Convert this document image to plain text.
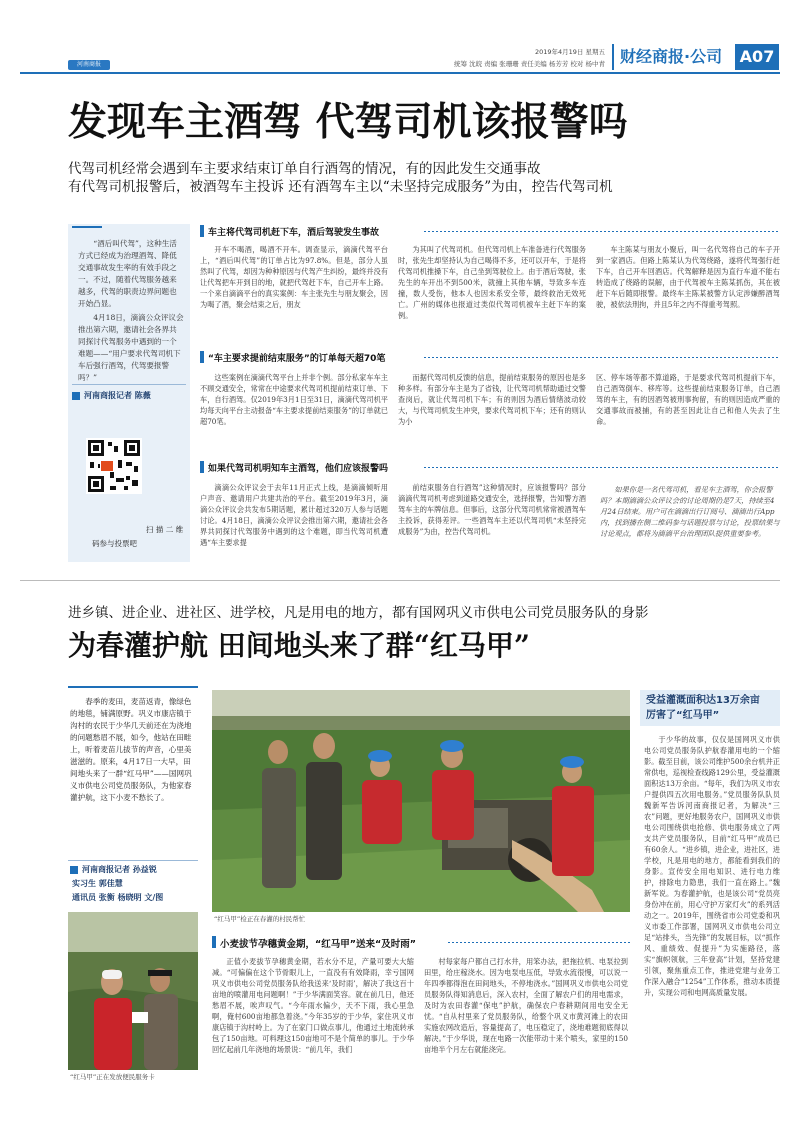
河南商报
2019年4月19日 星期五
统筹 沈皖 责编 张珊珊 责任美编 杨芳芳 校对 杨中青 财经商报·公司	A07
发现车主酒驾 代驾司机该报警吗
代驾司机经常会遇到车主要求结束订单自行酒驾的情况，有的因此发生交通事故
有代驾司机报警后，被酒驾车主投诉 还有酒驾车主以“未坚持完成服务”为由，控告代驾司机
“酒后叫代驾”，这种生活方式已经成为治理酒驾、降低交通事故发生率的有效手段之一。不过，随着代驾服务越来越多，代驾的职责边界问题也开始凸显。
4月18日，滴滴公众评议会推出第六期，邀请社会各界共同探讨代驾服务中遇到的一个难题——“用户要求代驾司机下车后强行酒驾，代驾要报警吗？”
河南商报记者 陈薇
扫 描 二 维
码参与投票吧
车主将代驾司机赶下车，酒后驾驶发生事故
开车不喝酒，喝酒不开车。调查显示，滴滴代驾平台上，“酒后叫代驾”的订单占比为97.8%。但是，部分人虽然叫了代驾，却因为种种原因与代驾产生纠纷，最终并没有让代驾把车开到目的地，就把代驾赶下车，自己开车上路。一个来自滴滴平台的真实案例：车主张先生与朋友聚会，因为喝了酒，聚会结束之后，朋友
为其叫了代驾司机。但代驾司机上车准备进行代驾服务时，张先生却坚持认为自己喝得不多，还可以开车，于是将代驾司机推搡下车，自己坐到驾驶位上。由于酒后驾驶，张先生的车开出不到500米，就撞上其他车辆，导致多车连撞，数人受伤，他本人也因未系安全带，最终救治无效死亡。广州的媒体也报道过类似代驾司机被车主赶下车的案例。
车主陈某与朋友小聚后，叫一名代驾将自己的车子开到一家酒店。但路上陈某认为代驾绕路，遂将代驾强行赶下车，自己开车回酒店。代驾解释是因为直行车道不能右转造成了绕路的误解，由于代驾被车主陈某抓伤，其在被赶下车后随即报警。最终车主陈某被警方认定涉嫌醉酒驾驶，被依法刑拘，并且5年之内不得重考驾照。
“车主要求提前结束服务”的订单每天超70笔
这些案例在滴滴代驾平台上并非个例。部分私家车车主不顾交通安全，常常在中途要求代驾司机提前结束订单、下车，自行酒驾。仅2019年3月1日至31日，滴滴代驾司机平均每天向平台主动报备“车主要求提前结束服务”的订单就已超70笔。
而据代驾司机反馈的信息，提前结束服务的原因也是多种多样。有部分车主是为了省钱，让代驾司机帮助通过交警查岗后，就让代驾司机下车；有的则因为酒后情绪波动较大，与代驾司机发生冲突，要求代驾司机下车；还有的则认为小
区、停车场等都不算道路，于是要求代驾司机提前下车，自己酒驾倒车、移库等。这些提前结束服务订单，自己酒驾的车主，有的因酒驾被刑事拘留，有的则因造成严重的交通事故而被捕，有的甚至因此让自己和他人失去了生命。
如果代驾司机明知车主酒驾，他们应该报警吗
滴滴公众评议会于去年11月正式上线，是滴滴倾听用户声音、邀请用户共建共治的平台。截至2019年3月，滴滴公众评议会共发布5期话题，累计超过320万人参与话题讨论。4月18日，滴滴公众评议会推出第六期，邀请社会各界共同探讨代驾服务中遇到的这个难题，即当代驾司机遭遇“车主要求提
前结束服务自行酒驾”这种情况时，应该报警吗？部分滴滴代驾司机考虑到道路交通安全，选择报警，告知警方酒驾车主的车牌信息。但事后，这部分代驾司机常常被酒驾车主投诉，获得差评。一些酒驾车主还以代驾司机“未坚持完成服务”为由，控告代驾司机。
如果你是一名代驾司机，看见车主酒驾，你会报警吗？本期滴滴公众评议会的讨论周期仍是7天，持续至4月24日结束。用户可在滴滴出行订阅号、滴滴出行App内，找到播在侧二维码参与话题投票与讨论，投票结果与讨论观点，都将为滴滴平台治理团队提供重要参考。
进乡镇、进企业、进社区、进学校，凡是用电的地方，都有国网巩义市供电公司党员服务队的身影
为春灌护航 田间地头来了群“红马甲”
春季的麦田，麦苗返青，像绿色的地毯，铺满原野。巩义市康店镇于沟村的农民于少华几天前还在为浇地的问题愁眉不展，如今，他站在田畦上，听着麦苗儿拔节的声音，心里美滋滋的。原来，4月17日一大早，田间地头来了一群“红马甲”——国网巩义市供电公司党员服务队，为他家春灌护航，这下小麦不愁长了。
河南商报记者 孙益锐
实习生 郭佳慧
通讯员 张衡 杨晓明 文/图
“红马甲”正在发放便民服务卡
“红马甲”检正在春灌的村民帮忙
小麦拔节孕穗黄金期，“红马甲”送来“及时雨”
正值小麦拔节孕穗黄金期，若水分不足，产量可要大大缩减。“可偏偏在这个节骨眼儿上，一直没有有效降雨，幸亏国网巩义市供电公司党员服务队给我送来‘及时雨’，解决了我这百十亩地的喷灌用电问题啊！”于少华满面笑容。就在前几日，他还愁眉不展，唉声叹气。“今年雨水偏少，天不下雨，我心里急啊，俺村600亩地都急着浇。”今年35岁的于少华，家住巩义市康店镇于沟村岭上。为了在家门口做点事儿，他通过土地流转承包了150亩地。可料理这150亩地可不是个简单的事儿。于少华回忆起前几年浇地的场景说：“前几年，我们
村每家每户都自己打水井，用笨办法，把拖拉机、电泵拉到田里，给庄稼浇水。因为电泵电压低，导致水流很慢，可以说一年四季都得泡在田间地头，不停地浇水。”国网巩义市供电公司党员服务队得知消息后，深入农村，全面了解农户们的用电需求，及时为农田春灌“保电”护航，确保农户春耕期间用电安全无忧。“自从村里来了党员服务队，给整个巩义市黄河滩上的农田实施农网改造后，容量提高了，电压稳定了，浇地难题彻底得以解决。”于少华说，现在电路一次能带动十来个喷头，家里的150亩地半个月左右就能浇完。
受益灌溉面积达13万余亩
厉害了“红马甲”
于少华的故事，仅仅是国网巩义市供电公司党员服务队护航春灌用电的一个缩影。截至目前，该公司维护500余台机井正常供电，巡视检查线路129公里，受益灌溉面积达13万余亩。“每年，我们为巩义市农户提供四五次用电服务。”党员服务队队员魏新军告诉河南商报记者，为解决“三农”问题，更好地服务农户，国网巩义市供电公司围绕供电抢修、供电服务成立了两支共产党员服务队，目前“红马甲”成员已有60余人。“进乡镇，进企业，进社区，进学校，凡是用电的地方，都能看到我们的身影。宣传安全用电知识、进行电力维护，排除电力隐患，我们一直在路上。”魏新军说。为春灌护航，也是该公司“党员亮身份冲在前，用心守护万家灯火”的系列活动之一。2019年，围绕省市公司党委和巩义市委工作部署，国网巩义市供电公司立足“站排头，当先锋”的发展目标，以“抓作风、重绩效、促提升”为实施路径，落实“旗帜领航，三年登高”计划，坚持党建引领，聚焦重点工作，推进党建与业务工作深入融合“1254”工作体系，推动本质提升，实现公司和电网高质量发展。
